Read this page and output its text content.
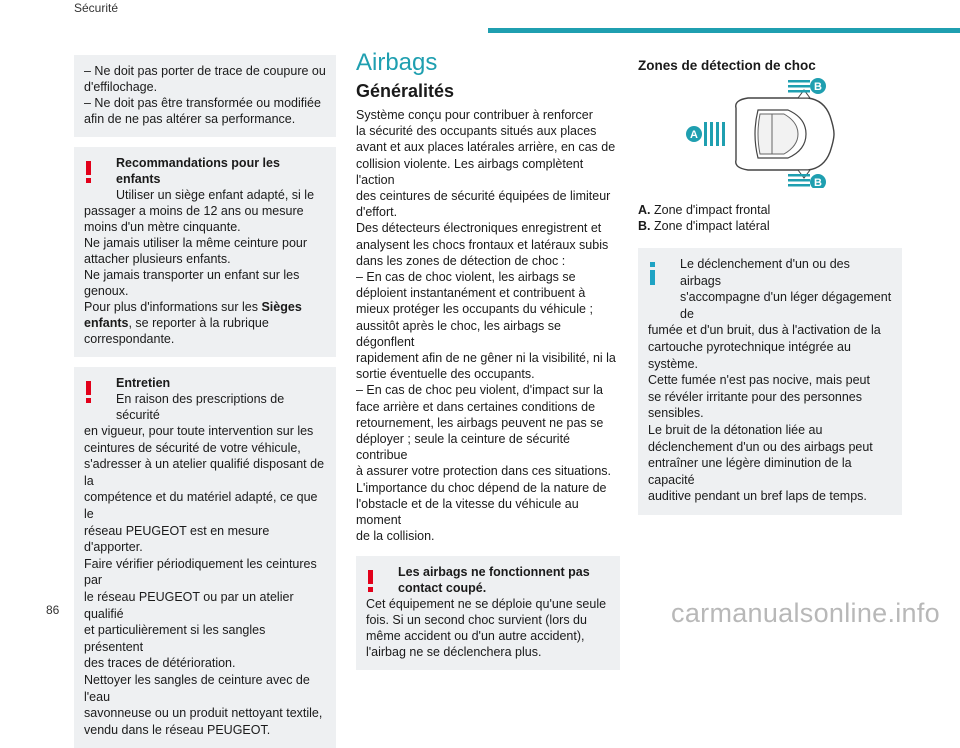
Sécurité

– Ne doit pas porter de trace de coupure ou

d'effilochage.

– Ne doit pas être transformée ou modifiée

afin de ne pas altérer sa performance.

Recommandations pour les enfants

Utiliser un siège enfant adapté, si le

passager a moins de 12 ans ou mesure

moins d'un mètre cinquante.

Ne jamais utiliser la même ceinture pour

attacher plusieurs enfants.

Ne jamais transporter un enfant sur les

genoux.

Pour plus d'informations sur les Sièges

enfants, se reporter à la rubrique

correspondante.

Entretien

En raison des prescriptions de sécurité

en vigueur, pour toute intervention sur les

ceintures de sécurité de votre véhicule,

s'adresser à un atelier qualifié disposant de la

compétence et du matériel adapté, ce que le

réseau PEUGEOT est en mesure d'apporter.

Faire vérifier périodiquement les ceintures par

le réseau PEUGEOT ou par un atelier qualifié

et particulièrement si les sangles présentent

des traces de détérioration.

Nettoyer les sangles de ceinture avec de l'eau

savonneuse ou un produit nettoyant textile,

vendu dans le réseau PEUGEOT.

Airbags
Généralités

Système conçu pour contribuer à renforcer

la sécurité des occupants situés aux places

avant et aux places latérales arrière, en cas de

collision violente. Les airbags complètent l'action

des ceintures de sécurité équipées de limiteur

d'effort.

Des détecteurs électroniques enregistrent et

analysent les chocs frontaux et latéraux subis

dans les zones de détection de choc :

– En cas de choc violent, les airbags se

déploient instantanément et contribuent à

mieux protéger les occupants du véhicule ;

aussitôt après le choc, les airbags se dégonflent

rapidement afin de ne gêner ni la visibilité, ni la

sortie éventuelle des occupants.

– En cas de choc peu violent, d'impact sur la

face arrière et dans certaines conditions de

retournement, les airbags peuvent ne pas se

déployer ; seule la ceinture de sécurité contribue

à assurer votre protection dans ces situations.

L'importance du choc dépend de la nature de

l'obstacle et de la vitesse du véhicule au moment

de la collision.

Les airbags ne fonctionnent pas

contact coupé.

Cet équipement ne se déploie qu'une seule

fois. Si un second choc survient (lors du

même accident ou d'un autre accident),

l'airbag ne se déclenchera plus.

Zones de détection de choc
A
B
B
A. Zone d'impact frontal
B. Zone d'impact latéral

Le déclenchement d'un ou des airbags

s'accompagne d'un léger dégagement de

fumée et d'un bruit, dus à l'activation de la

cartouche pyrotechnique intégrée au

système.

Cette fumée n'est pas nocive, mais peut

se révéler irritante pour des personnes

sensibles.

Le bruit de la détonation liée au

déclenchement d'un ou des airbags peut

entraîner une légère diminution de la capacité

auditive pendant un bref laps de temps.

86	carmanualsonline.info
